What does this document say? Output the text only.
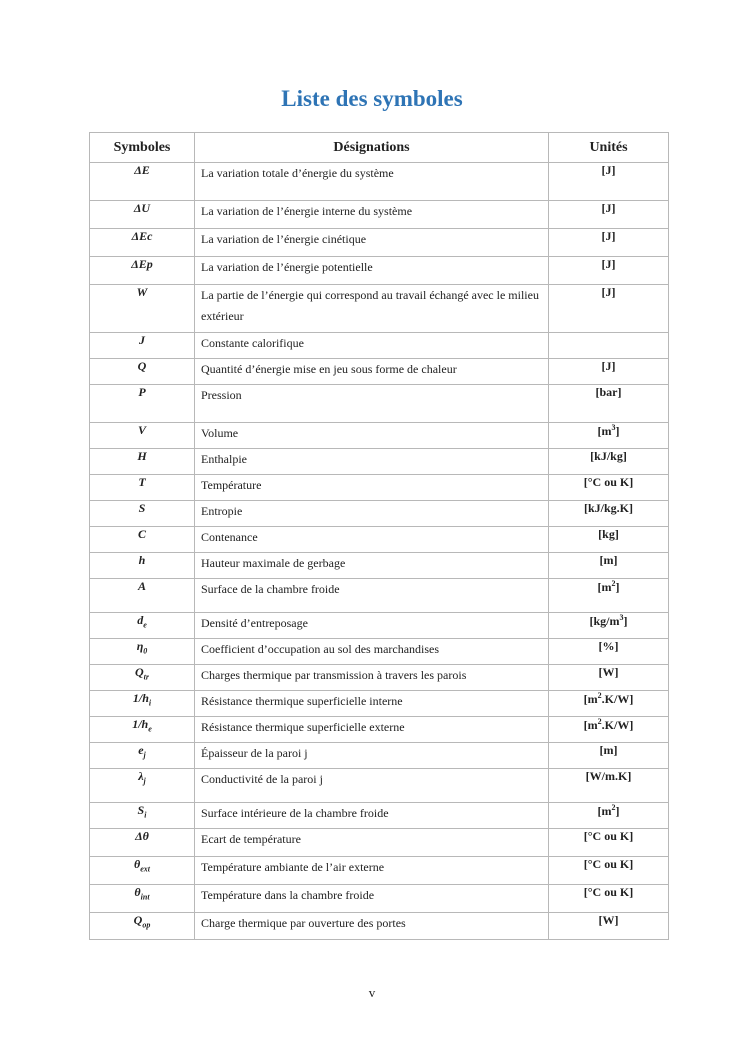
Liste des symboles
Symboles	Désignations	Unités
ΔE	La variation totale d’énergie du système	[J]
ΔU	La variation de l’énergie interne du système	[J]
ΔEc	La variation de l’énergie cinétique	[J]
ΔEp	La variation de l’énergie potentielle	[J]
W	La partie de l’énergie qui correspond au travail échangé avec le milieu extérieur	[J]
J	Constante calorifique	
Q	Quantité d’énergie mise en jeu sous forme de chaleur	[J]
P	Pression	[bar]
V	Volume	$[m^3]$
H	Enthalpie	[kJ/kg]
T	Température	[°C ou K]
S	Entropie	[kJ/kg.K]
C	Contenance	[kg]
h	Hauteur maximale de gerbage	[m]
A	Surface de la chambre froide	$[m^2]$
$d_e$	Densité d’entreposage	$[kg/m^3]$
$\eta_0$	Coefficient d’occupation au sol des marchandises	[%]
$Q_{tr}$	Charges thermique par transmission à travers les parois	[W]
$1/h_i$	Résistance thermique superficielle interne	$[m^2.K/W]$
$1/h_e$	Résistance thermique superficielle externe	$[m^2.K/W]$
$e_j$	Épaisseur de la paroi j	[m]
$\lambda_j$	Conductivité de la paroi j	[W/m.K]
$S_i$	Surface intérieure de la chambre froide	$[m^2]$
Δθ	Ecart de température	[°C ou K]
$\theta_{ext}$	Température ambiante de l’air externe	[°C ou K]
$\theta_{int}$	Température dans la chambre froide	[°C ou K]
$Q_{op}$	Charge thermique par ouverture des portes	[W]
v
